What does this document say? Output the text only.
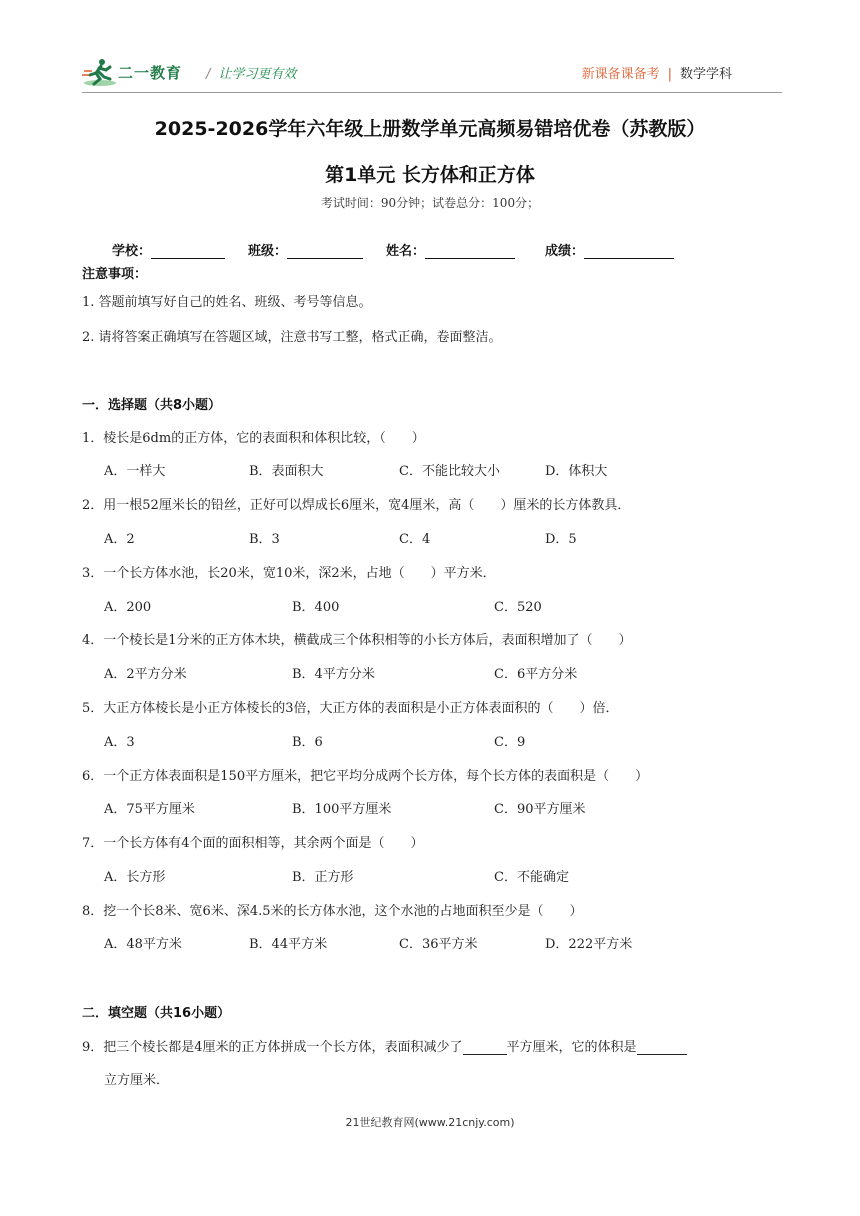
二一教育 / 让学习更有效	新课备课备考 | 数学学科
2025-2026学年六年级上册数学单元高频易错培优卷（苏教版）
第1单元 长方体和正方体
考试时间：90分钟；试卷总分：100分；
学校：	班级：	姓名：	成绩：
注意事项：
1. 答题前填写好自己的姓名、班级、考号等信息。
2. 请将答案正确填写在答题区域，注意书写工整，格式正确，卷面整洁。
一．选择题（共8小题）
1．棱长是6dm的正方体，它的表面积和体积比较，（　　）
A．一样大	B．表面积大	C．不能比较大小	D．体积大
2．用一根52厘米长的铅丝，正好可以焊成长6厘米，宽4厘米，高（　　）厘米的长方体教具．
A．2	B．3	C．4	D．5
3．一个长方体水池，长20米，宽10米，深2米，占地（　　）平方米．
A．200	B．400	C．520
4．一个棱长是1分米的正方体木块，横截成三个体积相等的小长方体后，表面积增加了（　　）
A．2平方分米	B．4平方分米	C．6平方分米
5．大正方体棱长是小正方体棱长的3倍，大正方体的表面积是小正方体表面积的（　　）倍．
A．3	B．6	C．9
6．一个正方体表面积是150平方厘米，把它平均分成两个长方体，每个长方体的表面积是（　　）
A．75平方厘米	B．100平方厘米	C．90平方厘米
7．一个长方体有4个面的面积相等，其余两个面是（　　）
A．长方形	B．正方形	C．不能确定
8．挖一个长8米、宽6米、深4.5米的长方体水池，这个水池的占地面积至少是（　　）
A．48平方米	B．44平方米	C．36平方米	D．222平方米
二．填空题（共16小题）
9．把三个棱长都是4厘米的正方体拼成一个长方体，表面积减少了	平方厘米，它的体积是
立方厘米．
21世纪教育网(www.21cnjy.com)
